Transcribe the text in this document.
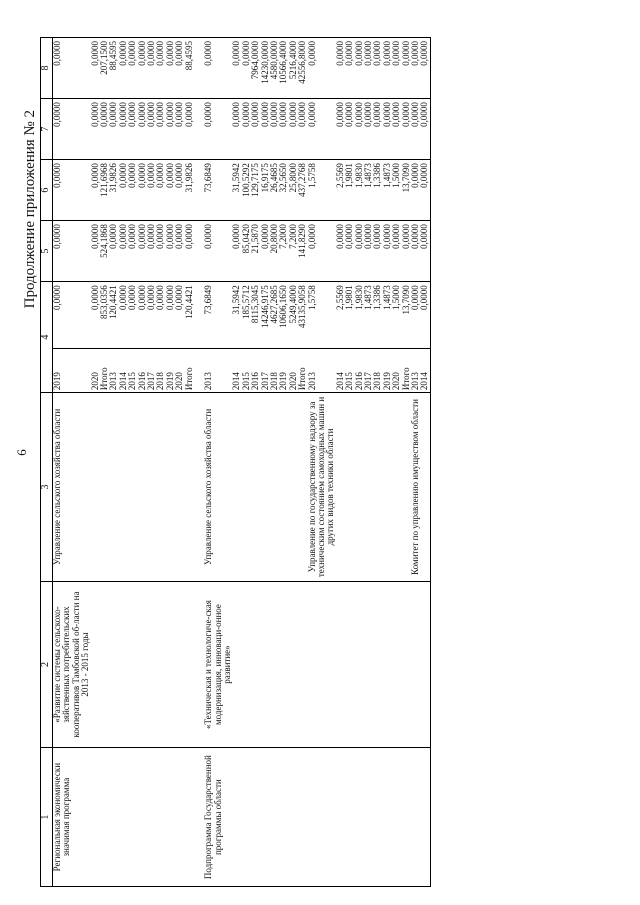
6
Продолжение приложения № 2
1	2	3	4		5	6	7	8
Региональная экономически значимая программа	«Развитие системы сельскохо-зяйственных потребительских кооперативов Тамбовской об-ласти на 2013 - 2015 годы	Управление сельского хозяйства области	2019	0,0000	0,0000	0,0000	0,0000	0,0000
			2020	0,0000	0,0000	0,0000	0,0000	0,0000
			Итого	853,0356	524,1868	121,6968	0,0000	207,1500
			2013	120,4421	0,0000	31,9826	0,0000	88,4595
			2014	0,0000	0,0000	0,0000	0,0000	0,0000
			2015	0,0000	0,0000	0,0000	0,0000	0,0000
			2016	0,0000	0,0000	0,0000	0,0000	0,0000
			2017	0,0000	0,0000	0,0000	0,0000	0,0000
			2018	0,0000	0,0000	0,0000	0,0000	0,0000
			2019	0,0000	0,0000	0,0000	0,0000	0,0000
			2020	0,0000	0,0000	0,0000	0,0000	0,0000
			Итого	120,4421	0,0000	31,9826	0,0000	88,4595

Подпрограмма Государственной программы области	«Техническая и технологиче-ская модернизация, инноваци-онное развитие»	Управление сельского хозяйства области	2013	73,6849	0,0000	73,6849	0,0000	0,0000
			2014	31,5942	0,0000	31,5942	0,0000	0,0000
			2015	185,5712	85,0420	100,5292	0,0000	0,0000
			2016	8115,3045	21,5870	129,7175	0,0000	7964,0000
			2017	14246,9175	0,0000	16,9175	0,0000	14230,0000
			2018	4627,2685	20,8000	26,4685	0,0000	4580,0000
			2019	10606,1650	7,2000	32,5650	0,0000	10566,4000
			2020	5249,4000	7,2000	25,8000	0,0000	5216,4000
			Итого	43135,9058	141,8290	437,2768	0,0000	42556,8000
		Управление по государственному надзору за техническим состоянием самоходных машин и других видов техники области	2013	1,5758	0,0000	1,5758	0,0000	0,0000
			2014	2,5569	0,0000	2,5569	0,0000	0,0000
			2015	1,9801	0,0000	1,9801	0,0000	0,0000
			2016	1,9830	0,0000	1,9830	0,0000	0,0000
			2017	1,4873	0,0000	1,4873	0,0000	0,0000
			2018	1,3386	0,0000	1,3386	0,0000	0,0000
			2019	1,4873	0,0000	1,4873	0,0000	0,0000
			2020	1,5000	0,0000	1,5000	0,0000	0,0000
			Итого	13,7090	0,0000	13,7090	0,0000	0,0000
		Комитет по управлению имуществом области	2013	0,0000	0,0000	0,0000	0,0000	0,0000
			2014	0,0000	0,0000	0,0000	0,0000	0,0000
